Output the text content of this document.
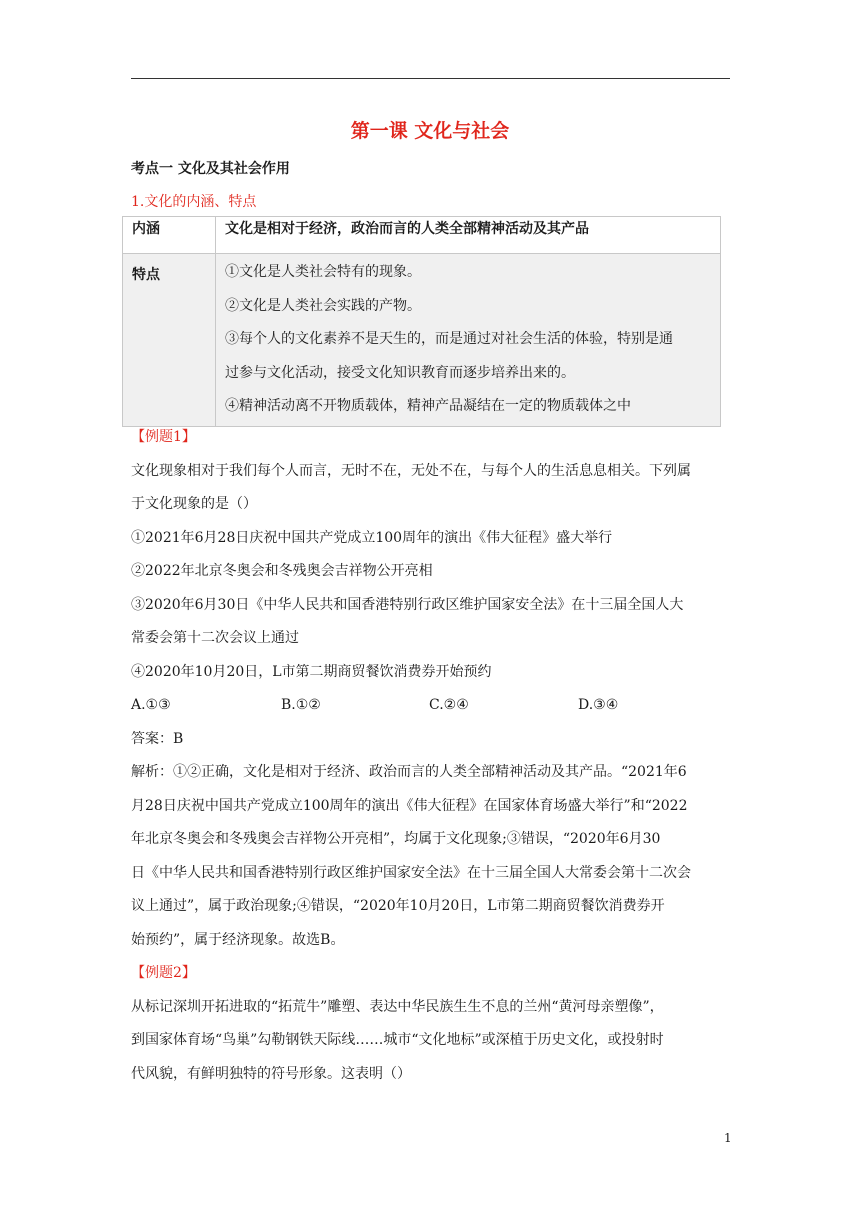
第一课 文化与社会
考点一 文化及其社会作用
1.文化的内涵、特点
内涵	文化是相对于经济，政治而言的人类全部精神活动及其产品
特点	①文化是人类社会特有的现象。
②文化是人类社会实践的产物。
③每个人的文化素养不是天生的，而是通过对社会生活的体验，特别是通
过参与文化活动，接受文化知识教育而逐步培养出来的。
④精神活动离不开物质载体，精神产品凝结在一定的物质载体之中
【例题1】
文化现象相对于我们每个人而言，无时不在，无处不在，与每个人的生活息息相关。下列属
于文化现象的是（）
①2021年6月28日庆祝中国共产党成立100周年的演出《伟大征程》盛大举行
②2022年北京冬奥会和冬残奥会吉祥物公开亮相
③2020年6月30日《中华人民共和国香港特别行政区维护国家安全法》在十三届全国人大
常委会第十二次会议上通过
④2020年10月20日，L市第二期商贸餐饮消费券开始预约
A.①③	B.①②	C.②④	D.③④
答案：B
解析：①②正确，文化是相对于经济、政治而言的人类全部精神活动及其产品。“2021年6
月28日庆祝中国共产党成立100周年的演出《伟大征程》在国家体育场盛大举行”和“2022
年北京冬奥会和冬残奥会吉祥物公开亮相”，均属于文化现象;③错误，“2020年6月30
日《中华人民共和国香港特别行政区维护国家安全法》在十三届全国人大常委会第十二次会
议上通过”，属于政治现象;④错误，“2020年10月20日，L市第二期商贸餐饮消费券开
始预约”，属于经济现象。故选B。
【例题2】
从标记深圳开拓进取的“拓荒牛”雕塑、表达中华民族生生不息的兰州“黄河母亲塑像”，
到国家体育场“鸟巢”勾勒钢铁天际线……城市“文化地标”或深植于历史文化，或投射时
代风貌，有鲜明独特的符号形象。这表明（）
1
